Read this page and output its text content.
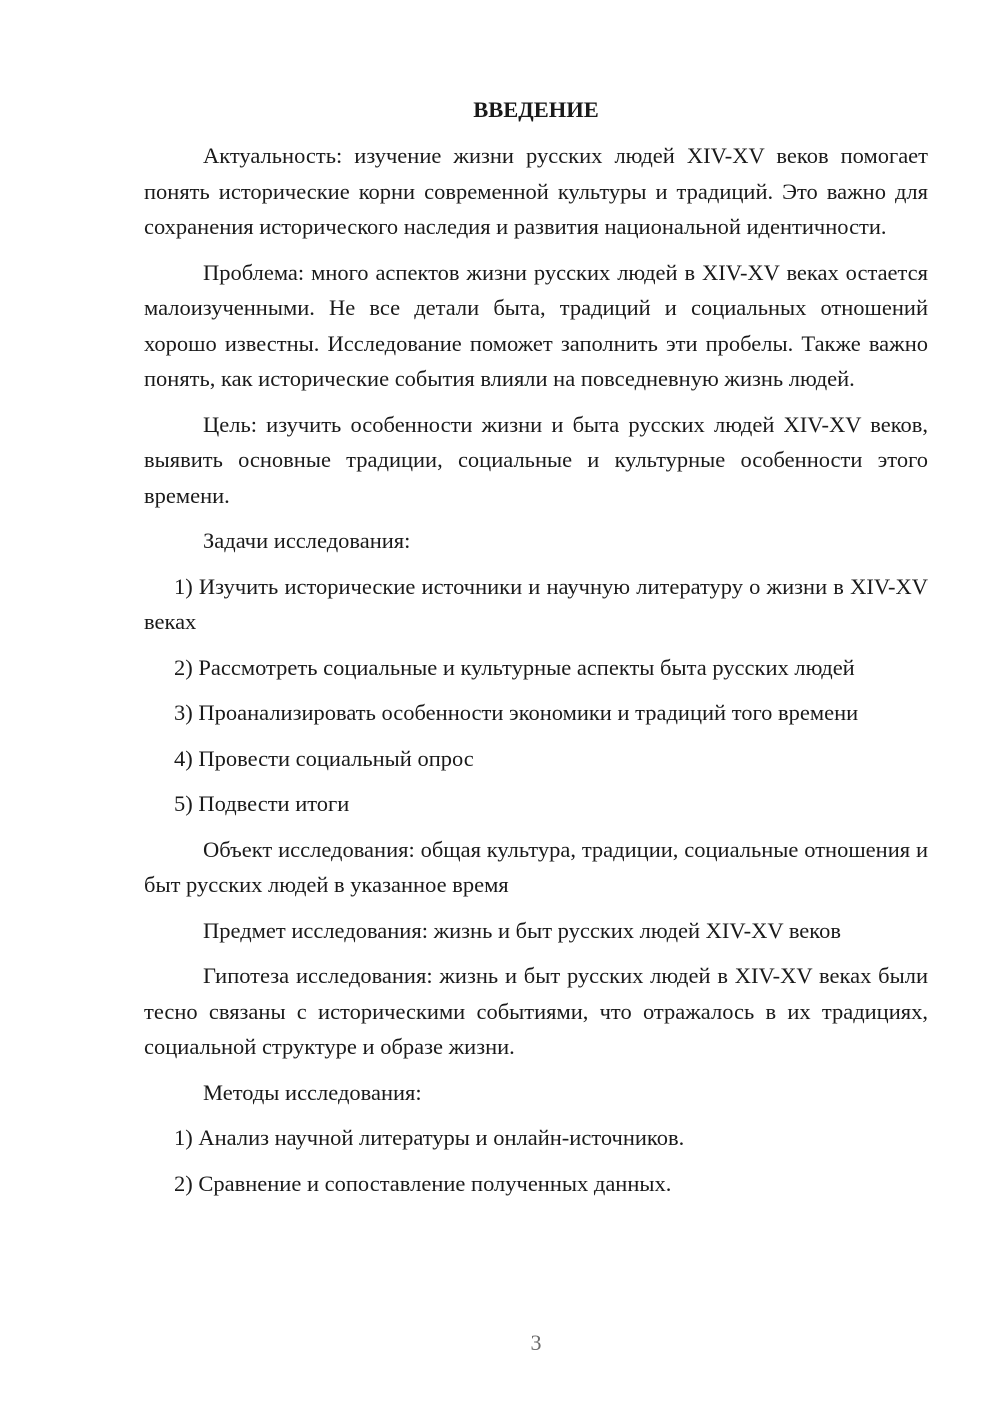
ВВЕДЕНИЕ

Актуальность: изучение жизни русских людей XIV-XV веков помогает понять исторические корни современной культуры и традиций. Это важно для сохранения исторического наследия и развития национальной идентичности.

Проблема: много аспектов жизни русских людей в XIV-XV веках остается малоизученными. Не все детали быта, традиций и социальных отношений хорошо известны. Исследование поможет заполнить эти пробелы. Также важно понять, как исторические события влияли на повседневную жизнь людей.

Цель: изучить особенности жизни и быта русских людей XIV-XV веков, выявить основные традиции, социальные и культурные особенности этого времени.

Задачи исследования:

1) Изучить исторические источники и научную литературу о жизни в XIV-XV веках

2) Рассмотреть социальные и культурные аспекты быта русских людей

3) Проанализировать особенности экономики и традиций того времени

4) Провести социальный опрос

5) Подвести итоги

Объект исследования: общая культура, традиции, социальные отношения и быт русских людей в указанное время

Предмет исследования: жизнь и быт русских людей XIV-XV веков

Гипотеза исследования: жизнь и быт русских людей в XIV-XV веках были тесно связаны с историческими событиями, что отражалось в их традициях, социальной структуре и образе жизни.

Методы исследования:

1) Анализ научной литературы и онлайн-источников.

2) Сравнение и сопоставление полученных данных.

3
